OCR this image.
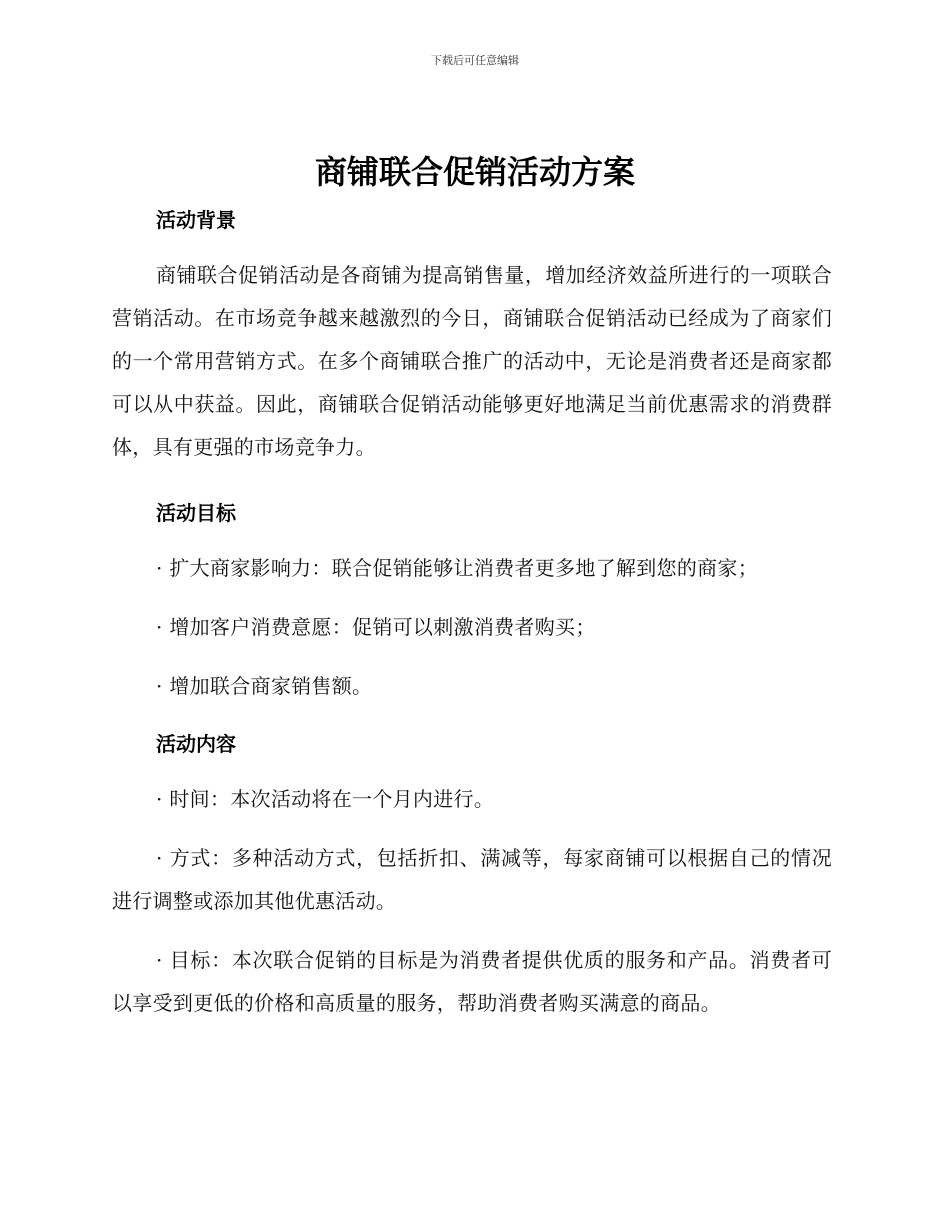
下载后可任意编辑
商铺联合促销活动方案
活动背景

商铺联合促销活动是各商铺为提高销售量，增加经济效益所进行的一项联合营销活动。在市场竞争越来越激烈的今日，商铺联合促销活动已经成为了商家们的一个常用营销方式。在多个商铺联合推广的活动中，无论是消费者还是商家都可以从中获益。因此，商铺联合促销活动能够更好地满足当前优惠需求的消费群体，具有更强的市场竞争力。

活动目标

· 扩大商家影响力：联合促销能够让消费者更多地了解到您的商家；

· 增加客户消费意愿：促销可以刺激消费者购买；

· 增加联合商家销售额。

活动内容

· 时间：本次活动将在一个月内进行。

· 方式：多种活动方式，包括折扣、满减等，每家商铺可以根据自己的情况进行调整或添加其他优惠活动。

· 目标：本次联合促销的目标是为消费者提供优质的服务和产品。消费者可以享受到更低的价格和高质量的服务，帮助消费者购买满意的商品。
